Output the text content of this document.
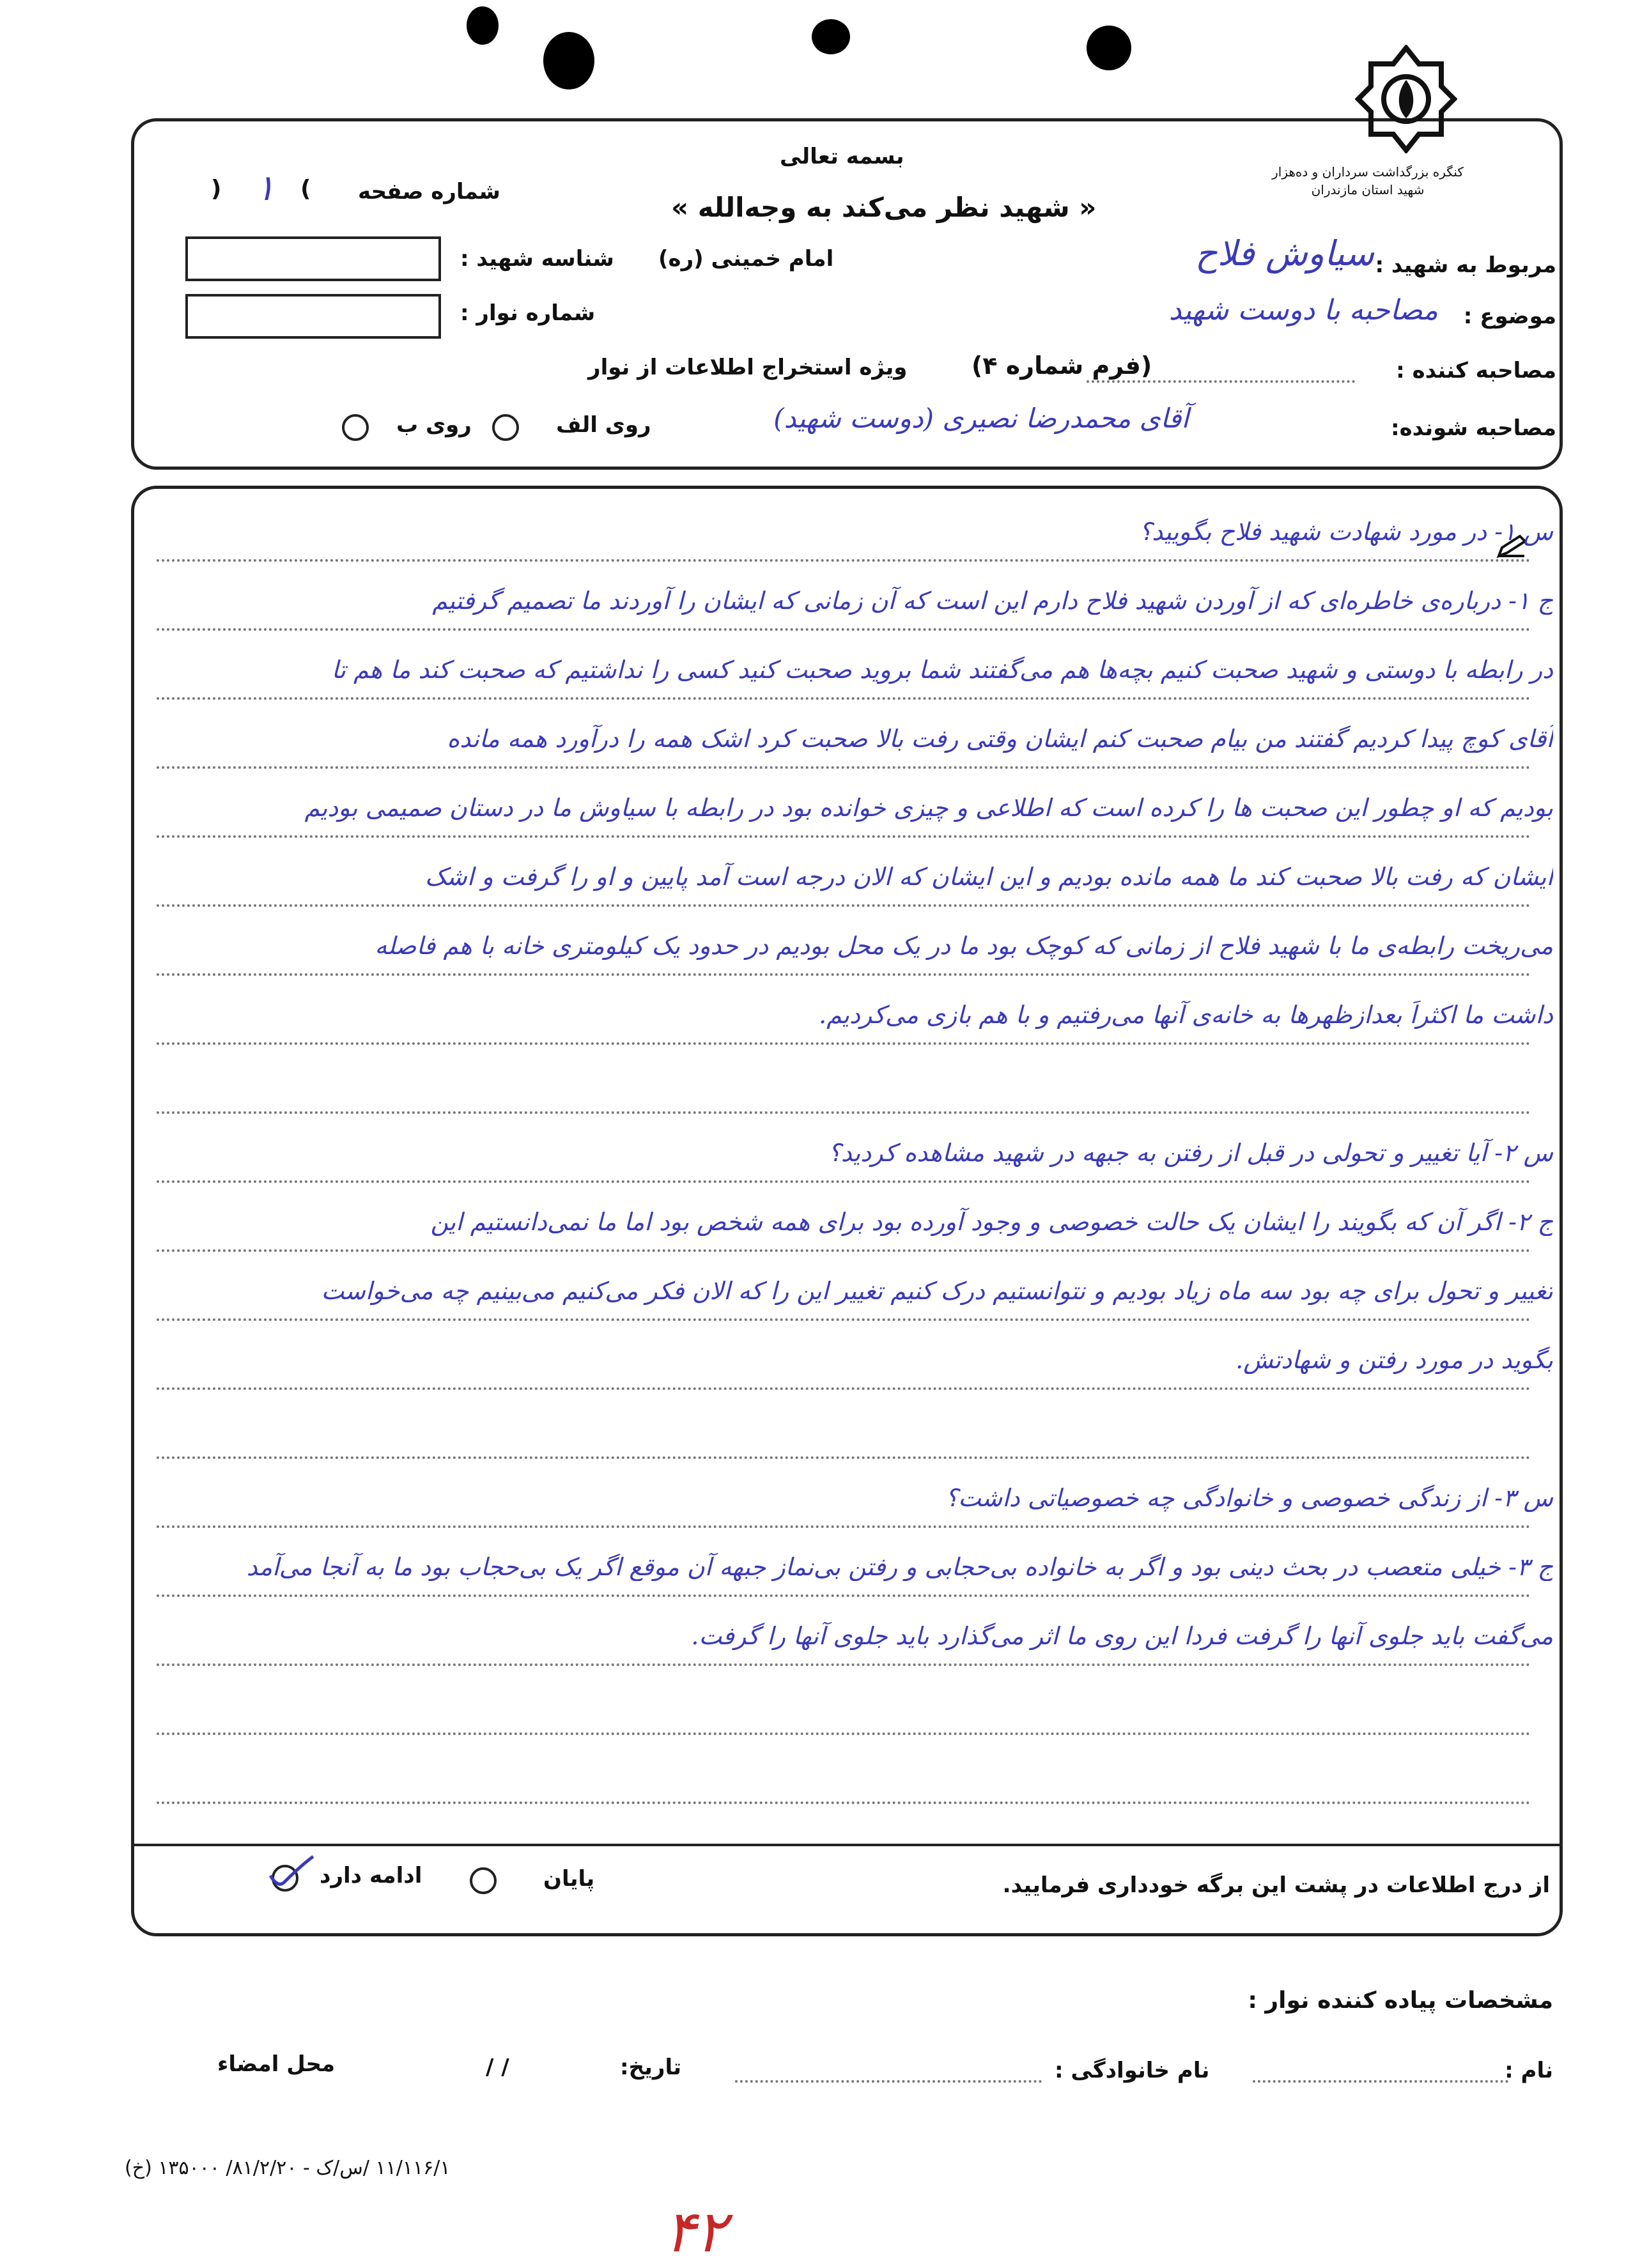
کنگره بزرگداشت سرداران و ده‌هزار شهید استان مازندران
بسمه تعالی
« شهید نظر می‌کند به وجه‌الله »
شماره صفحه
( ۱ )
امام خمینی (ره)
شناسه شهید :
شماره نوار :
مربوط به شهید :
سیاوش فلاح
موضوع :
مصاحبه با دوست شهید
مصاحبه کننده :
(فرم شماره ۴)
ویژه استخراج اطلاعات از نوار
مصاحبه شونده:
آقای محمدرضا نصیری (دوست شهید)
روی الف
روی ب
س ۱- در مورد شهادت شهید فلاح بگویید؟
ج ۱- درباره‌ی خاطره‌ای که از آوردن شهید فلاح دارم این است که آن زمانی که ایشان را آوردند ما تصمیم گرفتیم
در رابطه با دوستی و شهید صحبت کنیم بچه‌ها هم می‌گفتند شما بروید صحبت کنید کسی را نداشتیم که صحبت کند ما هم تا
آقای کوچ پیدا کردیم گفتند من بیام صحبت کنم ایشان وقتی رفت بالا صحبت کرد اشک همه را درآورد همه مانده
بودیم که او چطور این صحبت ها را کرده است که اطلاعی و چیزی خوانده بود در رابطه با سیاوش ما در دستان صمیمی بودیم
ایشان که رفت بالا صحبت کند ما همه مانده بودیم و این ایشان که الان درجه است آمد پایین و او را گرفت و اشک
می‌ریخت رابطه‌ی ما با شهید فلاح از زمانی که کوچک بود ما در یک محل بودیم در حدود یک کیلومتری خانه با هم فاصله
داشت ما اکثراً بعدازظهرها به خانه‌ی آنها می‌رفتیم و با هم بازی می‌کردیم.
س ۲- آیا تغییر و تحولی در قبل از رفتن به جبهه در شهید مشاهده کردید؟
ج ۲- اگر آن که بگویند را ایشان یک حالت خصوصی و وجود آورده بود برای همه شخص بود اما ما نمی‌دانستیم این
تغییر و تحول برای چه بود سه ماه زیاد بودیم و نتوانستیم درک کنیم تغییر این را که الان فکر می‌کنیم می‌بینیم چه می‌خواست
بگوید در مورد رفتن و شهادتش.
س ۳- از زندگی خصوصی و خانوادگی چه خصوصیاتی داشت؟
ج ۳- خیلی متعصب در بحث دینی بود و اگر به خانواده بی‌حجابی و رفتن بی‌نماز جبهه آن موقع اگر یک بی‌حجاب بود ما به آنجا می‌آمد
می‌گفت باید جلوی آنها را گرفت فردا این روی ما اثر می‌گذارد باید جلوی آنها را گرفت.
از درج اطلاعات در پشت این برگه خودداری فرمایید.
پایان
ادامه دارد
مشخصات پیاده کننده نوار :
نام :
نام خانوادگی :
تاریخ:
/ /
محل امضاء
۱۱/۱۱۶/۱ /س/ک - ۸۱/۲/۲۰/ ۱۳۵۰۰۰ (خ)
۴۲
